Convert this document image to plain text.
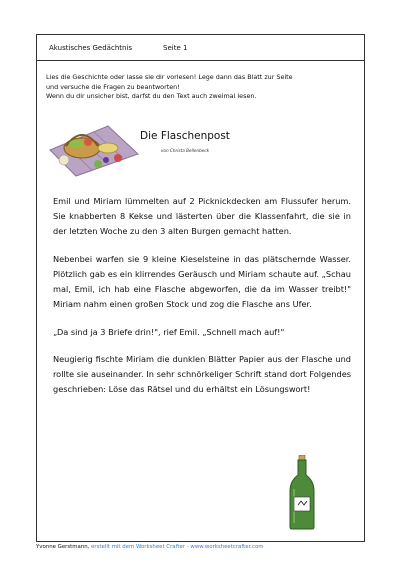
Akustisches Gedächtnis	Seite 1
Lies die Geschichte oder lasse sie dir vorlesen! Lege dann das Blatt zur Seite
und versuche die Fragen zu beantworten!
Wenn du dir unsicher bist, darfst du den Text auch zweimal lesen.
Die Flaschenpost
von Christa Bellenbeck

Emil und Miriam lümmelten auf 2 Picknickdecken am Flussufer herum. Sie knabberten 8 Kekse und lästerten über die Klassenfahrt, die sie in der letzten Woche zu den 3 alten Burgen gemacht hatten.

Nebenbei warfen sie 9 kleine Kieselsteine in das plätschernde Wasser. Plötzlich gab es ein klirrendes Geräusch und Miriam schaute auf. „Schau mal, Emil, ich hab eine Flasche abgeworfen, die da im Wasser treibt!" Miriam nahm einen großen Stock und zog die Flasche ans Ufer.

„Da sind ja 3 Briefe drin!", rief Emil. „Schnell mach auf!"

Neugierig fischte Miriam die dunklen Blätter Papier aus der Flasche und rollte sie auseinander. In sehr schnörkeliger Schrift stand dort Folgendes geschrieben: Löse das Rätsel und du erhältst ein Lösungswort!

Yvonne Gerstmann, erstellt mit dem Worksheet Crafter - www.worksheetcrafter.com
